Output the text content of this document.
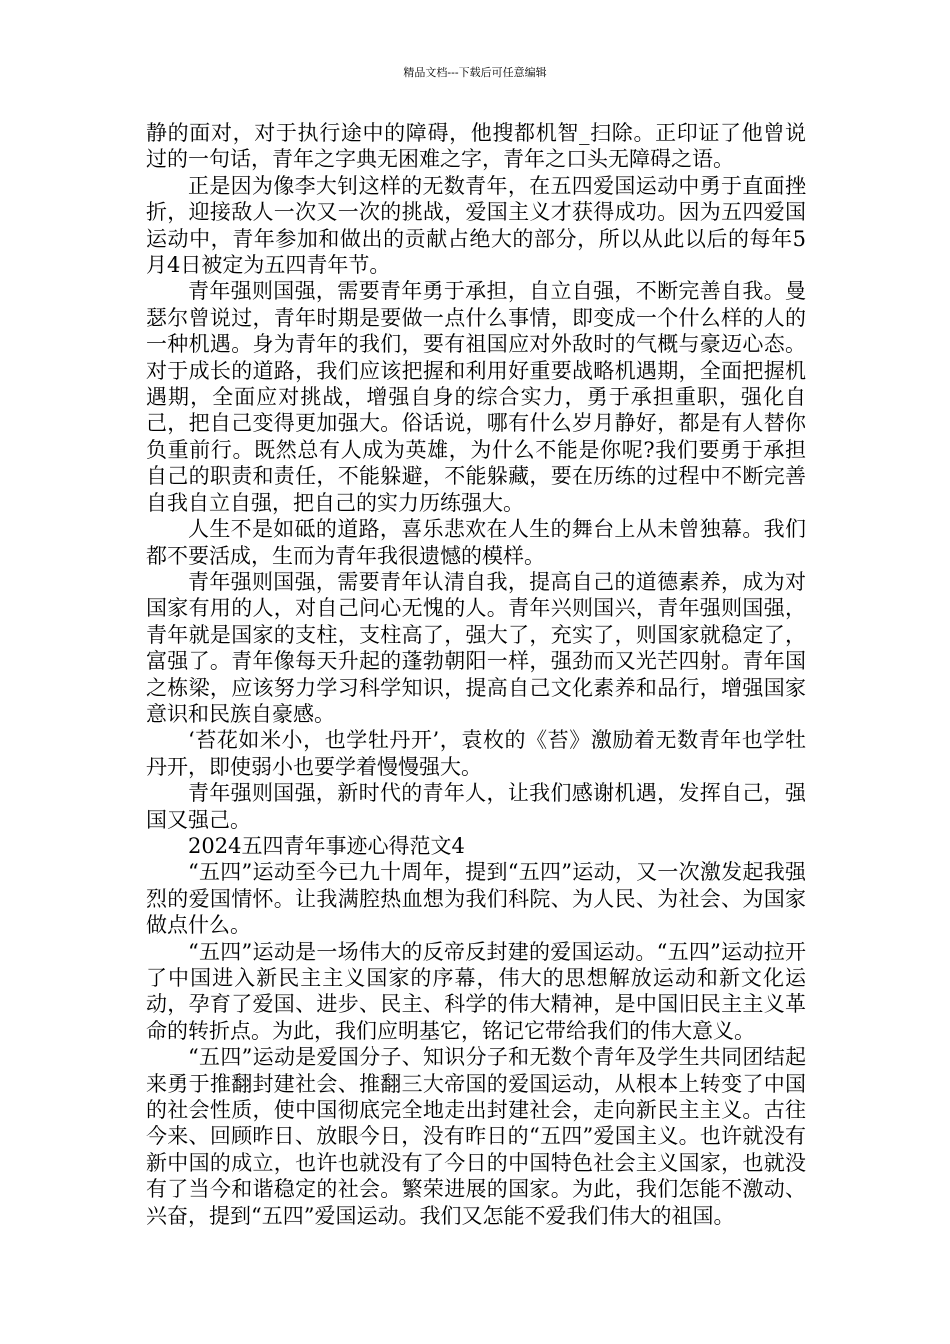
精品文档---下载后可任意编辑

静的面对，对于执行途中的障碍，他搜都机智_扫除。正印证了他曾说过的一句话，青年之字典无困难之字，青年之口头无障碍之语。

正是因为像李大钊这样的无数青年，在五四爱国运动中勇于直面挫折，迎接敌人一次又一次的挑战，爱国主义才获得成功。因为五四爱国运动中，青年参加和做出的贡献占绝大的部分，所以从此以后的每年5月4日被定为五四青年节。

青年强则国强，需要青年勇于承担，自立自强，不断完善自我。曼瑟尔曾说过，青年时期是要做一点什么事情，即变成一个什么样的人的一种机遇。身为青年的我们，要有祖国应对外敌时的气概与豪迈心态。对于成长的道路，我们应该把握和利用好重要战略机遇期，全面把握机遇期，全面应对挑战，增强自身的综合实力，勇于承担重职，强化自己，把自己变得更加强大。俗话说，哪有什么岁月静好，都是有人替你负重前行。既然总有人成为英雄，为什么不能是你呢?我们要勇于承担自己的职责和责任，不能躲避，不能躲藏，要在历练的过程中不断完善自我自立自强，把自己的实力历练强大。

人生不是如砥的道路，喜乐悲欢在人生的舞台上从未曾独幕。我们都不要活成，生而为青年我很遗憾的模样。

青年强则国强，需要青年认清自我，提高自己的道德素养，成为对国家有用的人，对自己问心无愧的人。青年兴则国兴，青年强则国强，青年就是国家的支柱，支柱高了，强大了，充实了，则国家就稳定了，富强了。青年像每天升起的蓬勃朝阳一样，强劲而又光芒四射。青年国之栋梁，应该努力学习科学知识，提高自己文化素养和品行，增强国家意识和民族自豪感。

‘苔花如米小，也学牡丹开’，袁枚的《苔》激励着无数青年也学牡丹开，即使弱小也要学着慢慢强大。

青年强则国强，新时代的青年人，让我们感谢机遇，发挥自己，强国又强己。

2024五四青年事迹心得范文4

“五四”运动至今已九十周年，提到“五四”运动，又一次激发起我强烈的爱国情怀。让我满腔热血想为我们科院、为人民、为社会、为国家做点什么。

“五四”运动是一场伟大的反帝反封建的爱国运动。“五四”运动拉开了中国进入新民主主义国家的序幕，伟大的思想解放运动和新文化运动，孕育了爱国、进步、民主、科学的伟大精神，是中国旧民主主义革命的转折点。为此，我们应明基它，铭记它带给我们的伟大意义。

“五四”运动是爱国分子、知识分子和无数个青年及学生共同团结起来勇于推翻封建社会、推翻三大帝国的爱国运动，从根本上转变了中国的社会性质，使中国彻底完全地走出封建社会，走向新民主主义。古往今来、回顾昨日、放眼今日，没有昨日的“五四”爱国主义。也许就没有新中国的成立，也许也就没有了今日的中国特色社会主义国家，也就没有了当今和谐稳定的社会。繁荣进展的国家。为此，我们怎能不激动、兴奋，提到“五四”爱国运动。我们又怎能不爱我们伟大的祖国。
